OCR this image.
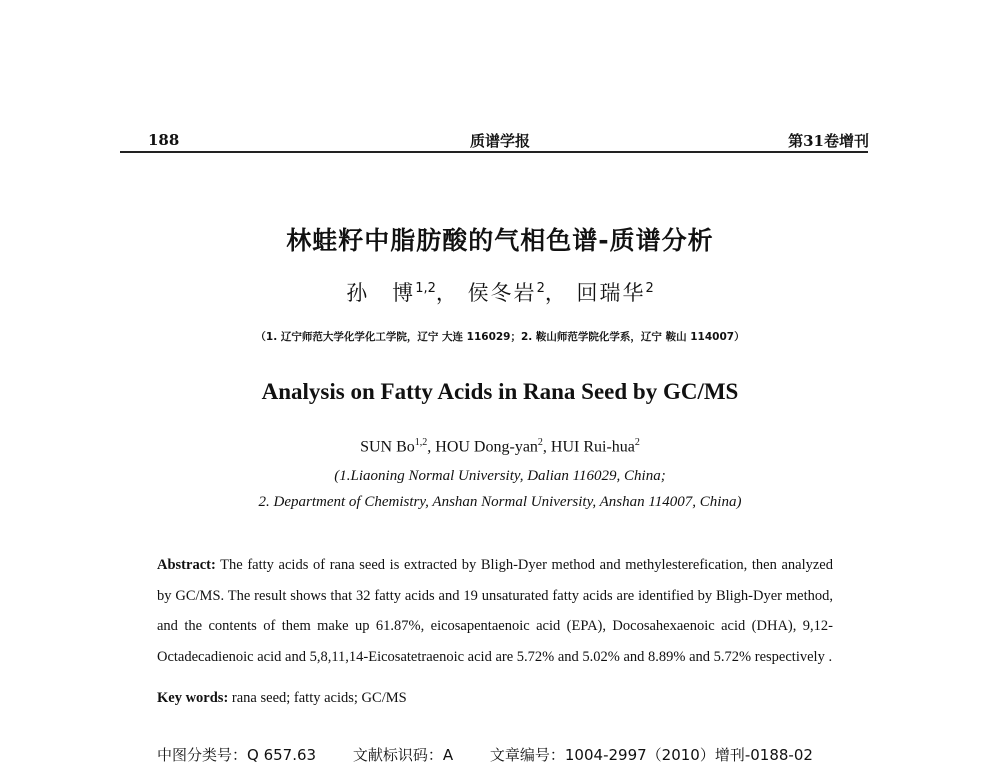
188	质谱学报	第31卷增刊
林蛙籽中脂肪酸的气相色谱-质谱分析
孙　博$^{1,2}$， 侯冬岩$^2$， 回瑞华$^2$
（1. 辽宁师范大学化学化工学院，辽宁 大连 116029；2. 鞍山师范学院化学系，辽宁 鞍山 114007）
Analysis on Fatty Acids in Rana Seed by GC/MS
SUN Bo$^{1,2}$, HOU Dong-yan$^2$, HUI Rui-hua$^2$
(1.Liaoning Normal University, Dalian 116029, China;
2. Department of Chemistry, Anshan Normal University, Anshan 114007, China)
Abstract: The fatty acids of rana seed is extracted by Bligh-Dyer method and methylesterefication, then analyzed by GC/MS. The result shows that 32 fatty acids and 19 unsaturated fatty acids are identified by Bligh-Dyer method, and the contents of them make up 61.87%, eicosapentaenoic acid (EPA), Docosahexaenoic acid (DHA), 9,12-Octadecadienoic acid and 5,8,11,14-Eicosatetraenoic acid are 5.72% and 5.02% and 8.89% and 5.72% respectively .
Key words: rana seed; fatty acids; GC/MS
中图分类号：Q 657.63 文献标识码：A 文章编号：1004-2997（2010）增刊-0188-02
